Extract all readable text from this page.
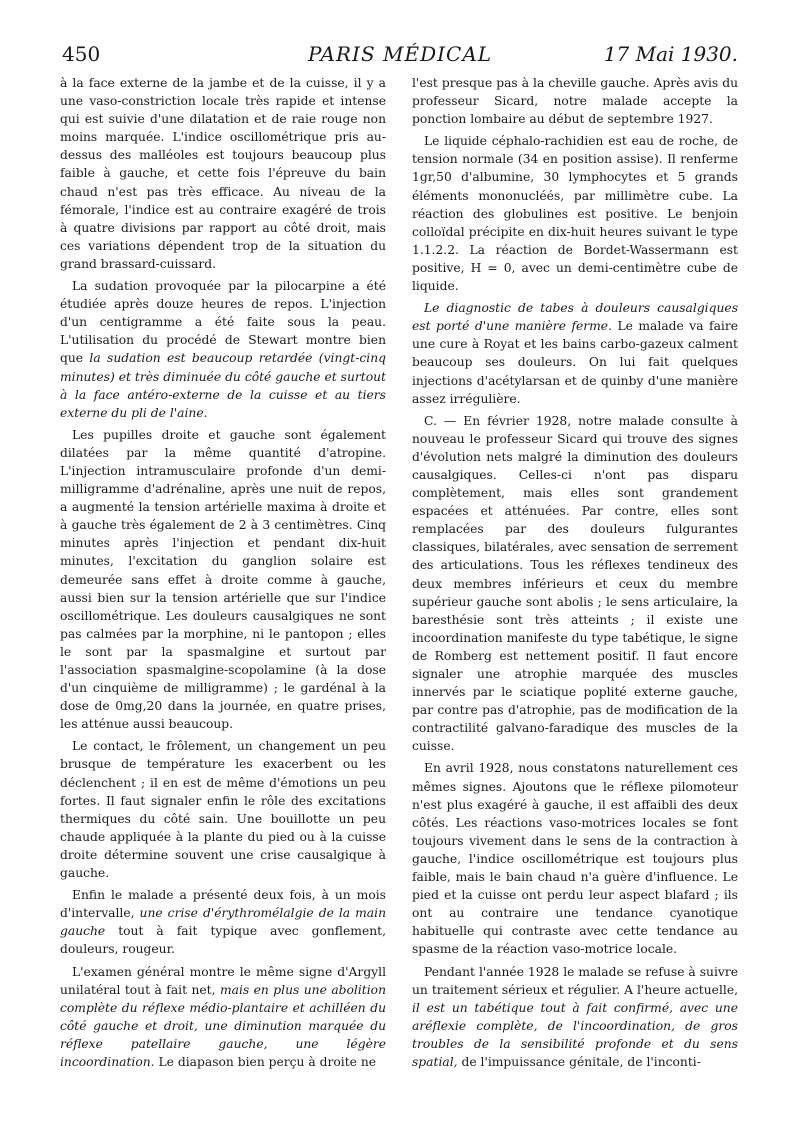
450	PARIS MÉDICAL	17 Mai 1930.

à la face externe de la jambe et de la cuisse, il y a une vaso-constriction locale très rapide et intense qui est suivie d'une dilatation et de raie rouge non moins marquée. L'indice oscillométrique pris au-dessus des malléoles est toujours beaucoup plus faible à gauche, et cette fois l'épreuve du bain chaud n'est pas très efficace. Au niveau de la fémorale, l'indice est au contraire exagéré de trois à quatre divisions par rapport au côté droit, mais ces variations dépendent trop de la situation du grand brassard-cuissard.

La sudation provoquée par la pilocarpine a été étudiée après douze heures de repos. L'injection d'un centigramme a été faite sous la peau. L'utilisation du procédé de Stewart montre bien que la sudation est beaucoup retardée (vingt-cinq minutes) et très diminuée du côté gauche et surtout à la face antéro-externe de la cuisse et au tiers externe du pli de l'aine.

Les pupilles droite et gauche sont également dilatées par la même quantité d'atropine. L'injection intramusculaire profonde d'un demi-milligramme d'adrénaline, après une nuit de repos, a augmenté la tension artérielle maxima à droite et à gauche très également de 2 à 3 centimètres. Cinq minutes après l'injection et pendant dix-huit minutes, l'excitation du ganglion solaire est demeurée sans effet à droite comme à gauche, aussi bien sur la tension artérielle que sur l'indice oscillométrique. Les douleurs causalgiques ne sont pas calmées par la morphine, ni le pantopon ; elles le sont par la spasmalgine et surtout par l'association spasmalgine-scopolamine (à la dose d'un cinquième de milligramme) ; le gardénal à la dose de 0mg,20 dans la journée, en quatre prises, les atténue aussi beaucoup.

Le contact, le frôlement, un changement un peu brusque de température les exacerbent ou les déclenchent ; il en est de même d'émotions un peu fortes. Il faut signaler enfin le rôle des excitations thermiques du côté sain. Une bouillotte un peu chaude appliquée à la plante du pied ou à la cuisse droite détermine souvent une crise causalgique à gauche.

Enfin le malade a présenté deux fois, à un mois d'intervalle, une crise d'érythromélalgie de la main gauche tout à fait typique avec gonflement, douleurs, rougeur.

L'examen général montre le même signe d'Argyll unilatéral tout à fait net, mais en plus une abolition complète du réflexe médio-plantaire et achilléen du côté gauche et droit, une diminution marquée du réflexe patellaire gauche, une légère incoordination. Le diapason bien perçu à droite ne

l'est presque pas à la cheville gauche. Après avis du professeur Sicard, notre malade accepte la ponction lombaire au début de septembre 1927.

Le liquide céphalo-rachidien est eau de roche, de tension normale (34 en position assise). Il renferme 1gr,50 d'albumine, 30 lymphocytes et 5 grands éléments mononucléés, par millimètre cube. La réaction des globulines est positive. Le benjoin colloïdal précipite en dix-huit heures suivant le type 1.1.2.2. La réaction de Bordet-Wassermann est positive, H = 0, avec un demi-centimètre cube de liquide.

Le diagnostic de tabes à douleurs causalgiques est porté d'une manière ferme. Le malade va faire une cure à Royat et les bains carbo-gazeux calment beaucoup ses douleurs. On lui fait quelques injections d'acétylarsan et de quinby d'une manière assez irrégulière.

C. — En février 1928, notre malade consulte à nouveau le professeur Sicard qui trouve des signes d'évolution nets malgré la diminution des douleurs causalgiques. Celles-ci n'ont pas disparu complètement, mais elles sont grandement espacées et atténuées. Par contre, elles sont remplacées par des douleurs fulgurantes classiques, bilatérales, avec sensation de serrement des articulations. Tous les réflexes tendineux des deux membres inférieurs et ceux du membre supérieur gauche sont abolis ; le sens articulaire, la baresthésie sont très atteints ; il existe une incoordination manifeste du type tabétique, le signe de Romberg est nettement positif. Il faut encore signaler une atrophie marquée des muscles innervés par le sciatique poplité externe gauche, par contre pas d'atrophie, pas de modification de la contractilité galvano-faradique des muscles de la cuisse.

En avril 1928, nous constatons naturellement ces mêmes signes. Ajoutons que le réflexe pilomoteur n'est plus exagéré à gauche, il est affaibli des deux côtés. Les réactions vaso-motrices locales se font toujours vivement dans le sens de la contraction à gauche, l'indice oscillométrique est toujours plus faible, mais le bain chaud n'a guère d'influence. Le pied et la cuisse ont perdu leur aspect blafard ; ils ont au contraire une tendance cyanotique habituelle qui contraste avec cette tendance au spasme de la réaction vaso-motrice locale.

Pendant l'année 1928 le malade se refuse à suivre un traitement sérieux et régulier. A l'heure actuelle, il est un tabétique tout à fait confirmé, avec une aréflexie complète, de l'incoordination, de gros troubles de la sensibilité profonde et du sens spatial, de l'impuissance génitale, de l'inconti-
